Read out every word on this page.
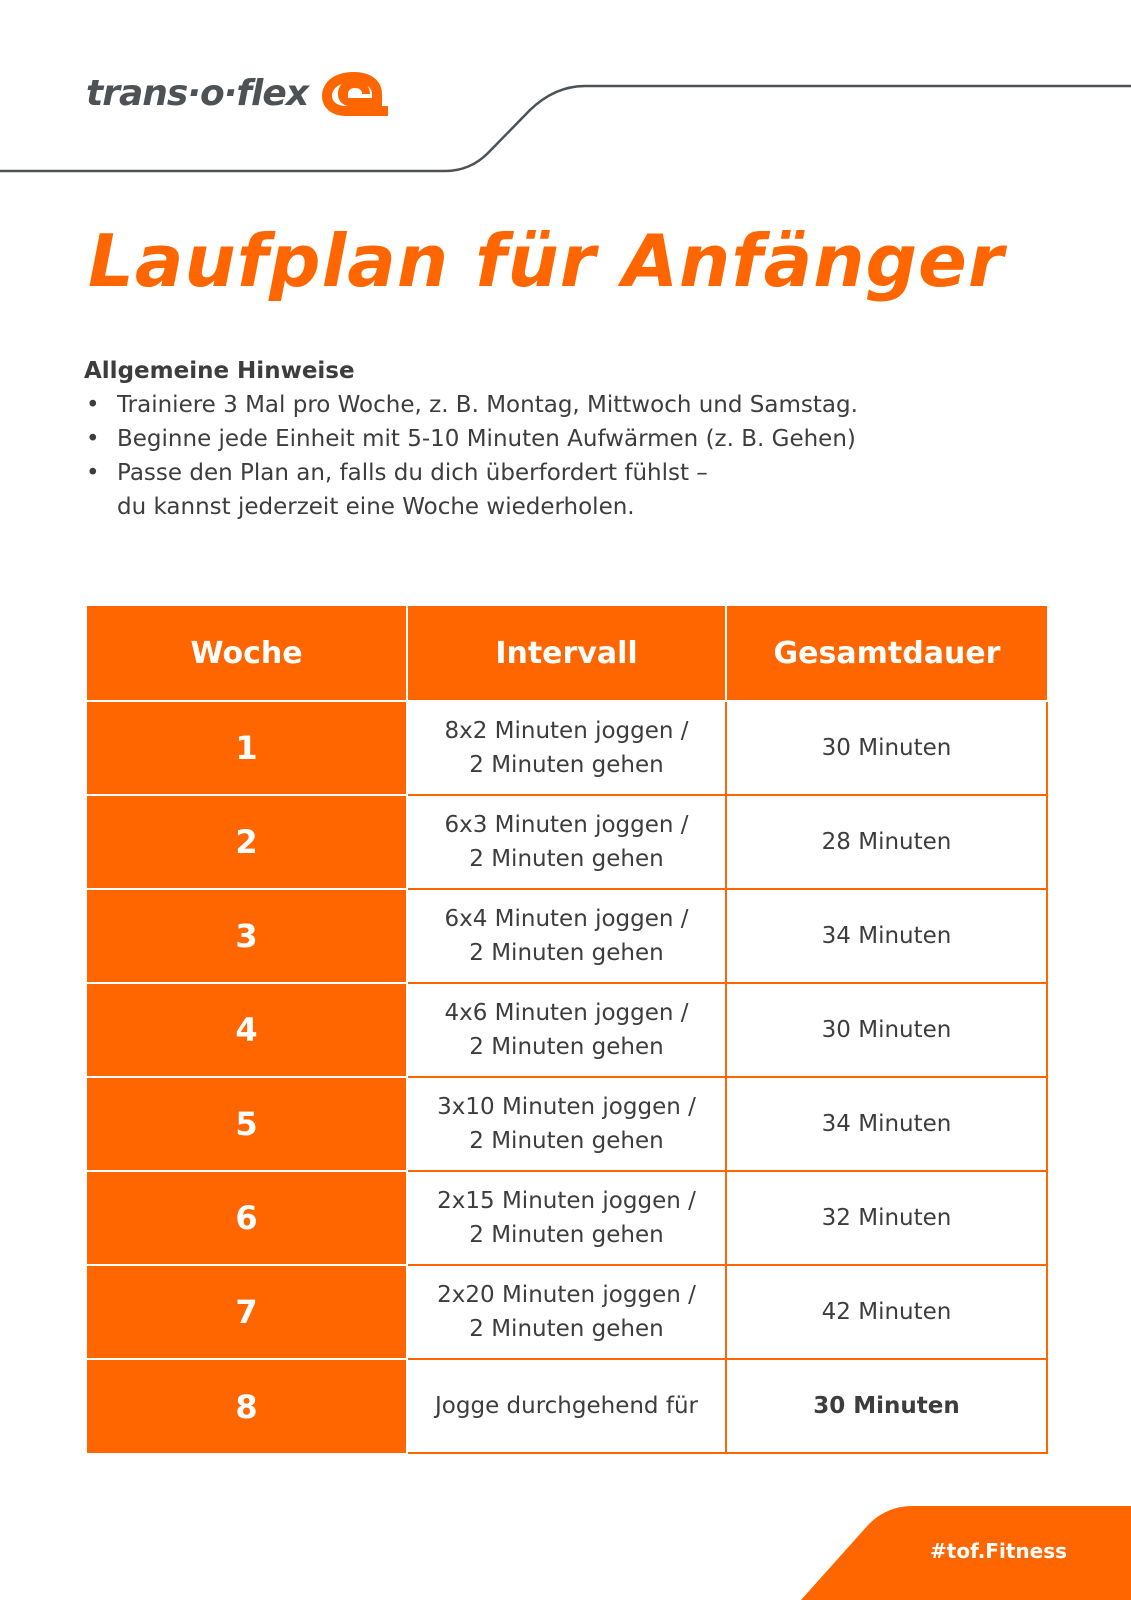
trans·o·flex
Laufplan für Anfänger
Allgemeine Hinweise
• Trainiere 3 Mal pro Woche, z. B. Montag, Mittwoch und Samstag.
• Beginne jede Einheit mit 5-10 Minuten Aufwärmen (z. B. Gehen)
• Passe den Plan an, falls du dich überfordert fühlst –
du kannst jederzeit eine Woche wiederholen.
Woche	Intervall	Gesamtdauer
1	8x2 Minuten joggen /
2 Minuten gehen	30 Minuten
2	6x3 Minuten joggen /
2 Minuten gehen	28 Minuten
3	6x4 Minuten joggen /
2 Minuten gehen	34 Minuten
4	4x6 Minuten joggen /
2 Minuten gehen	30 Minuten
5	3x10 Minuten joggen /
2 Minuten gehen	34 Minuten
6	2x15 Minuten joggen /
2 Minuten gehen	32 Minuten
7	2x20 Minuten joggen /
2 Minuten gehen	42 Minuten
8	Jogge durchgehend für	30 Minuten
#tof.Fitness
